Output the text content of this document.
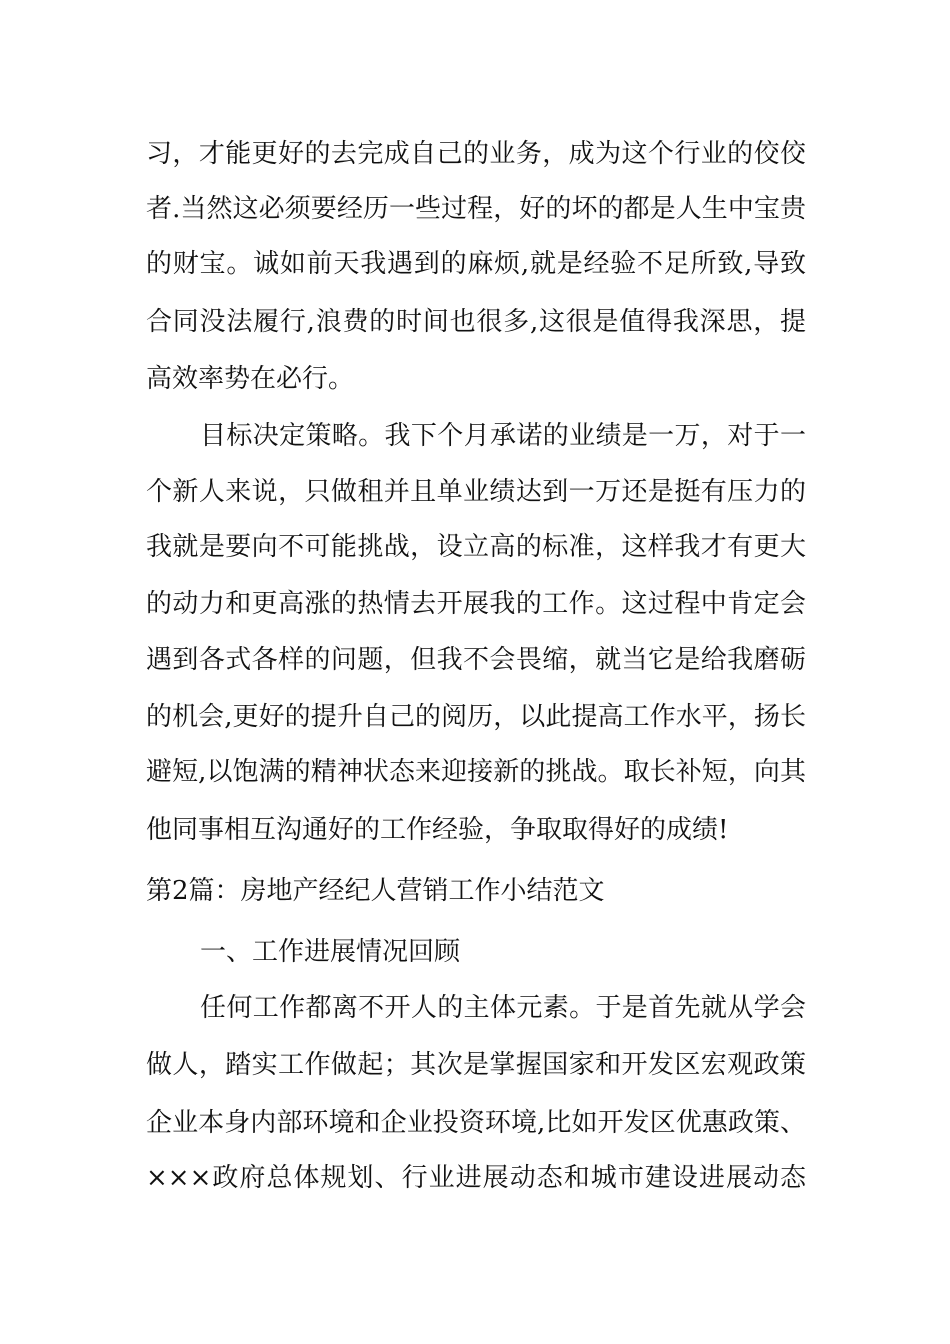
习，才能更好的去完成自己的业务，成为这个行业的佼佼
者.当然这必须要经历一些过程，好的坏的都是人生中宝贵
的财宝。诚如前天我遇到的麻烦,就是经验不足所致,导致
合同没法履行,浪费的时间也很多,这很是值得我深思，提
高效率势在必行。
目标决定策略。我下个月承诺的业绩是一万，对于一
个新人来说，只做租并且单业绩达到一万还是挺有压力的
我就是要向不可能挑战，设立高的标准，这样我才有更大
的动力和更高涨的热情去开展我的工作。这过程中肯定会
遇到各式各样的问题，但我不会畏缩，就当它是给我磨砺
的机会,更好的提升自己的阅历，以此提高工作水平，扬长
避短,以饱满的精神状态来迎接新的挑战。取长补短，向其
他同事相互沟通好的工作经验，争取取得好的成绩!
第2篇：房地产经纪人营销工作小结范文
一、工作进展情况回顾
任何工作都离不开人的主体元素。于是首先就从学会
做人，踏实工作做起；其次是掌握国家和开发区宏观政策
企业本身内部环境和企业投资环境,比如开发区优惠政策、
×××政府总体规划、行业进展动态和城市建设进展动态
